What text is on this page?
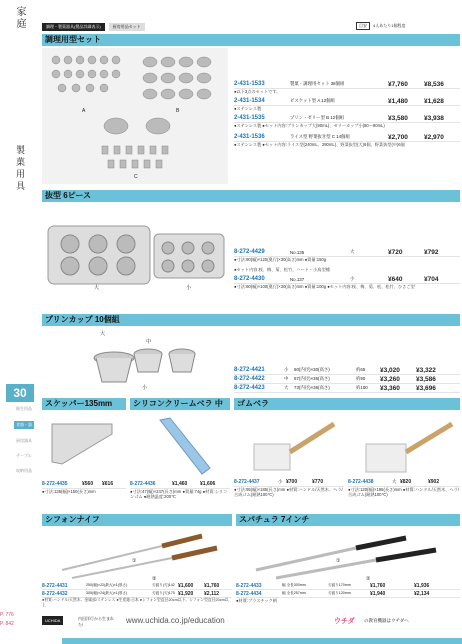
家庭
製菓用具
30
衛生用品
食器・器
厨房器具
テーブル
収納用品
P. 776
P. 842
調理・製菓器具(製品詳細表示)	厨房用品セット	目安	4人あたり1個程度
調理用型セット
A	B
C
2-431-1533	製菓・調理用セット 38個組	¥7,760	¥8,536
●以下3点のセットです。
2-431-1534	ビスケット型 A 12個組	¥1,480	¥1,628
●ステンレス製
2-431-1535	プリン・ゼリー型 B 12個組	¥3,580	¥3,938
●ステンレス製 ●セット内容:プリンカップ大(90mL)、ゼリーカップ小(80〜90mL)
2-431-1536	ライス型 野菜抜き型 C 14個組	¥2,700	¥2,970
●ステンレス製 ●セット内容:ライス型(240mL、280mL)、野菜抜型(大)6個、野菜抜型(中)6個
抜型 6ピース
大	小
8-272-4429	No.135	大	¥720	¥792
●寸法:80(幅)×120(奥行)×30(高さ)mm ●質量:150g
●セット内容:桜、梅、菊、松竹、ハート・小鳥型種
8-272-4430	No.137	小	¥640	¥704
●寸法:60(幅)×100(奥行)×30(高さ)mm ●質量:100g ●セット内容:桜、梅、菊、松、松竹、ひさご型
プリンカップ 10個組
大
中
小
8-272-4421	小	60(内径)×30(高さ)	約65	¥3,020	¥3,322
8-272-4422	中	67(内径)×36(高さ)	約90	¥3,260	¥3,586
8-272-4423	大	73(内径)×36(高さ)	約100	¥3,360	¥3,696
スケッパー135mm
8-272-4435	¥560	¥616
●寸法:135(幅)×150(長さ)mm
シリコンクリームベラ 中
8-272-4436	¥1,460	¥1,606
●寸法:47(幅)×247(長さ)mm ●質量:74g ●材質:シリコンゴム ●耐熱温度:200℃
ゴムベラ
8-272-4437	小 ¥700	¥770
●寸法:95(幅)×185(長さ)mm ●材質:ハンドル/天然木、ヘラ/合成ゴム(耐熱100℃)
8-272-4438	大 ¥820	¥902
●寸法:120(幅)×195(長さ)mm ●材質:ハンドル/天然木、ヘラ/合成ゴム(耐熱100℃)
シフォンナイフ
①
②
8-272-4431	250(幅)×22(最大)×1(厚さ)	刃渡り(刃)142 ¥1,600	¥1,760
8-272-4432	305(幅)×24(最大)×1(厚さ)	刃渡り(刃)175 ¥1,920	¥2,112
●材質:ハンドル/天然木、金属部/ステンレス ●生産地:日本 ●シフォン型直径20cm以下、シフォン型直径20cm以上
スパチュラ 7インチ
①
②
8-272-4433	幅 全長300mm	刃渡り170mm	¥1,760	¥1,936
8-272-4434	幅 全長257mm	刃渡り120mm	¥1,940	¥2,134
●材質:プラスチック柄
UCHIDA	内田洋行から生まれた!	www.uchida.co.jp/education	ウチダ の教育機器はウチダへ
